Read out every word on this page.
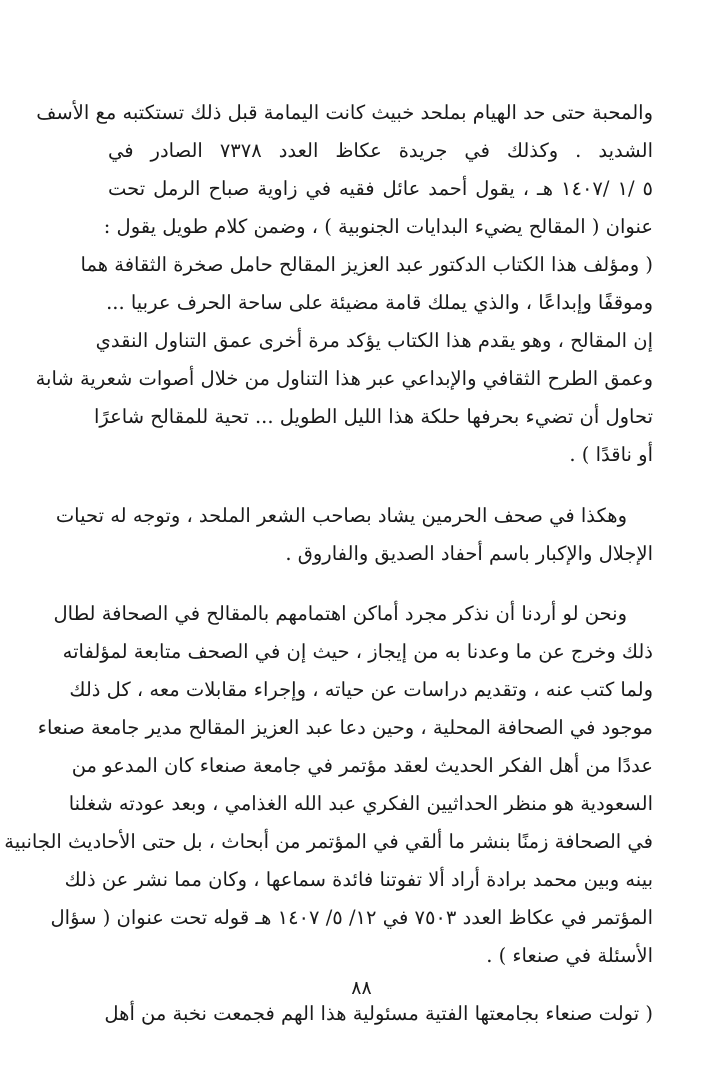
والمحبة حتى حد الهيام بملحد خبيث كانت اليمامة قبل ذلك تستكتبه مع الأسف
الشديد . وكذلك في جريدة عكاظ العدد ٧٣٧٨ الصادر في
٥ /١ /١٤٠٧ هـ ، يقول أحمد عائل فقيه في زاوية صباح الرمل تحت
عنوان ( المقالح يضيء البدايات الجنوبية ) ، وضمن كلام طويل يقول :
( ومؤلف هذا الكتاب الدكتور عبد العزيز المقالح حامل صخرة الثقافة هما
وموقفًا وإبداعًا ، والذي يملك قامة مضيئة على ساحة الحرف عربيا ...
إن المقالح ، وهو يقدم هذا الكتاب يؤكد مرة أخرى عمق التناول النقدي
وعمق الطرح الثقافي والإبداعي عبر هذا التناول من خلال أصوات شعرية شابة
تحاول أن تضيء بحرفها حلكة هذا الليل الطويل ... تحية للمقالح شاعرًا
أو ناقدًا ) .
وهكذا في صحف الحرمين يشاد بصاحب الشعر الملحد ، وتوجه له تحيات
الإجلال والإكبار باسم أحفاد الصديق والفاروق .
ونحن لو أردنا أن نذكر مجرد أماكن اهتمامهم بالمقالح في الصحافة لطال
ذلك وخرج عن ما وعدنا به من إيجاز ، حيث إن في الصحف متابعة لمؤلفاته
ولما كتب عنه ، وتقديم دراسات عن حياته ، وإجراء مقابلات معه ، كل ذلك
موجود في الصحافة المحلية ، وحين دعا عبد العزيز المقالح مدير جامعة صنعاء
عددًا من أهل الفكر الحديث لعقد مؤتمر في جامعة صنعاء كان المدعو من
السعودية هو منظر الحداثيين الفكري عبد الله الغذامي ، وبعد عودته شغلنا
في الصحافة زمنًا بنشر ما ألقي في المؤتمر من أبحاث ، بل حتى الأحاديث الجانبية
بينه وبين محمد برادة أراد ألا تفوتنا فائدة سماعها ، وكان مما نشر عن ذلك
المؤتمر في عكاظ العدد ٧٥٠٣ في ١٢/ ٥/ ١٤٠٧ هـ قوله تحت عنوان ( سؤال
الأسئلة في صنعاء ) .
( تولت صنعاء بجامعتها الفتية مسئولية هذا الهم فجمعت نخبة من أهل
٨٨
